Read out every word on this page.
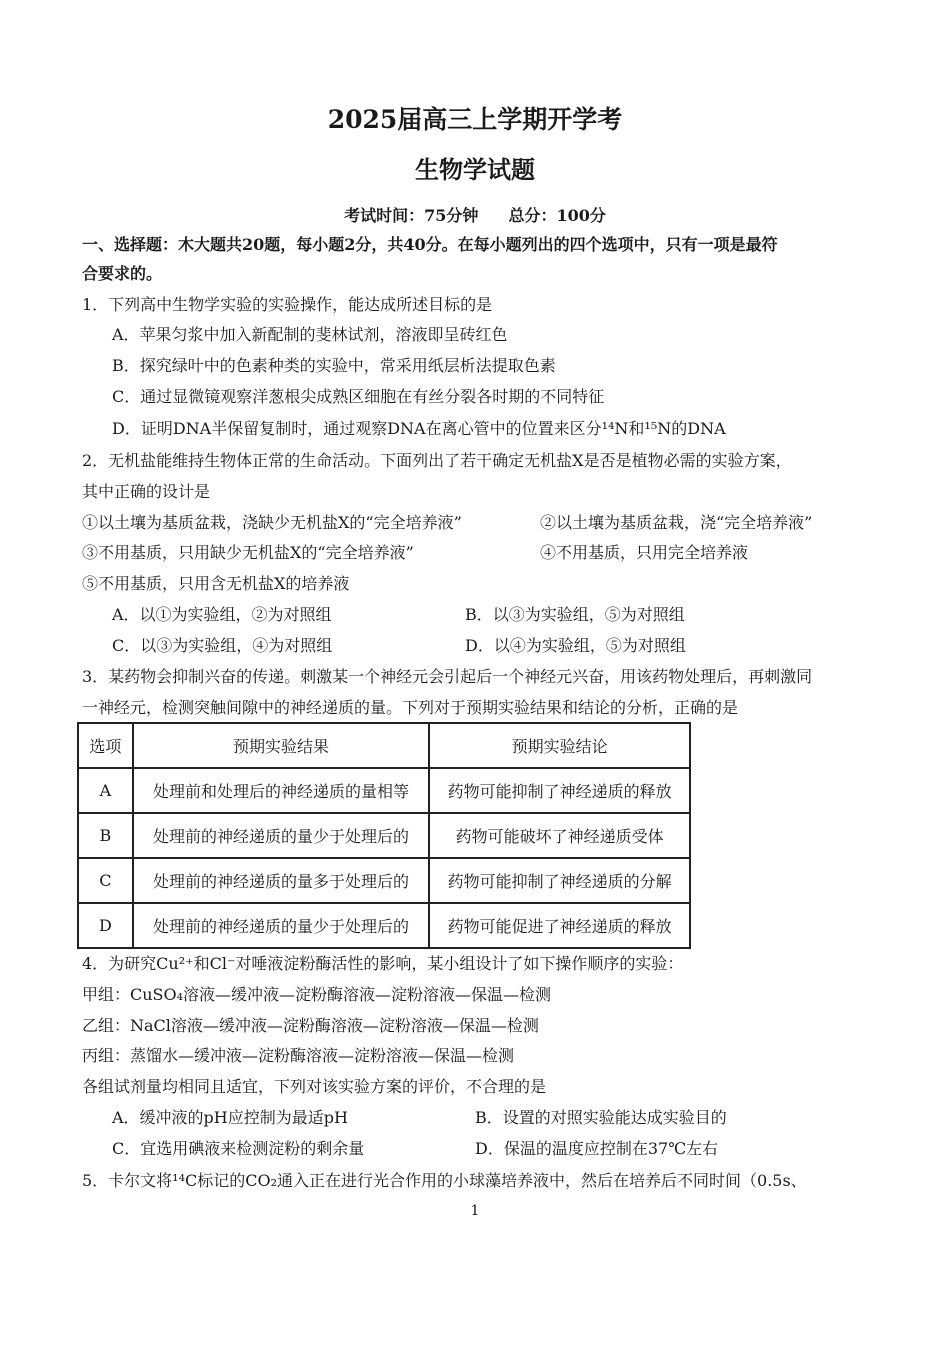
2025届高三上学期开学考
生物学试题
考试时间：75分钟 总分：100分
一、选择题：木大题共20题，每小题2分，共40分。在每小题列出的四个选项中，只有一项是最符
合要求的。
1．下列高中生物学实验的实验操作，能达成所述目标的是
A．苹果匀浆中加入新配制的斐林试剂，溶液即呈砖红色
B．探究绿叶中的色素种类的实验中，常采用纸层析法提取色素
C．通过显微镜观察洋葱根尖成熟区细胞在有丝分裂各时期的不同特征
D．证明DNA半保留复制时，通过观察DNA在离心管中的位置来区分¹⁴N和¹⁵N的DNA
2．无机盐能维持生物体正常的生命活动。下面列出了若干确定无机盐X是否是植物必需的实验方案，
其中正确的设计是
①以土壤为基质盆栽，浇缺少无机盐X的“完全培养液”	②以土壤为基质盆栽，浇“完全培养液”
③不用基质，只用缺少无机盐X的“完全培养液”	④不用基质，只用完全培养液
⑤不用基质，只用含无机盐X的培养液
A．以①为实验组，②为对照组	B．以③为实验组，⑤为对照组
C．以③为实验组，④为对照组	D．以④为实验组，⑤为对照组
3．某药物会抑制兴奋的传递。刺激某一个神经元会引起后一个神经元兴奋，用该药物处理后，再刺激同
一神经元，检测突触间隙中的神经递质的量。下列对于预期实验结果和结论的分析，正确的是
选项	预期实验结果	预期实验结论
A	处理前和处理后的神经递质的量相等	药物可能抑制了神经递质的释放
B	处理前的神经递质的量少于处理后的	药物可能破坏了神经递质受体
C	处理前的神经递质的量多于处理后的	药物可能抑制了神经递质的分解
D	处理前的神经递质的量少于处理后的	药物可能促进了神经递质的释放
4．为研究Cu²⁺和Cl⁻对唾液淀粉酶活性的影响，某小组设计了如下操作顺序的实验：
甲组：CuSO₄溶液—缓冲液—淀粉酶溶液—淀粉溶液—保温—检测
乙组：NaCl溶液—缓冲液—淀粉酶溶液—淀粉溶液—保温—检测
丙组：蒸馏水—缓冲液—淀粉酶溶液—淀粉溶液—保温—检测
各组试剂量均相同且适宜，下列对该实验方案的评价，不合理的是
A．缓冲液的pH应控制为最适pH	B．设置的对照实验能达成实验目的
C．宜选用碘液来检测淀粉的剩余量	D．保温的温度应控制在37℃左右
5．卡尔文将¹⁴C标记的CO₂通入正在进行光合作用的小球藻培养液中，然后在培养后不同时间（0.5s、
1
